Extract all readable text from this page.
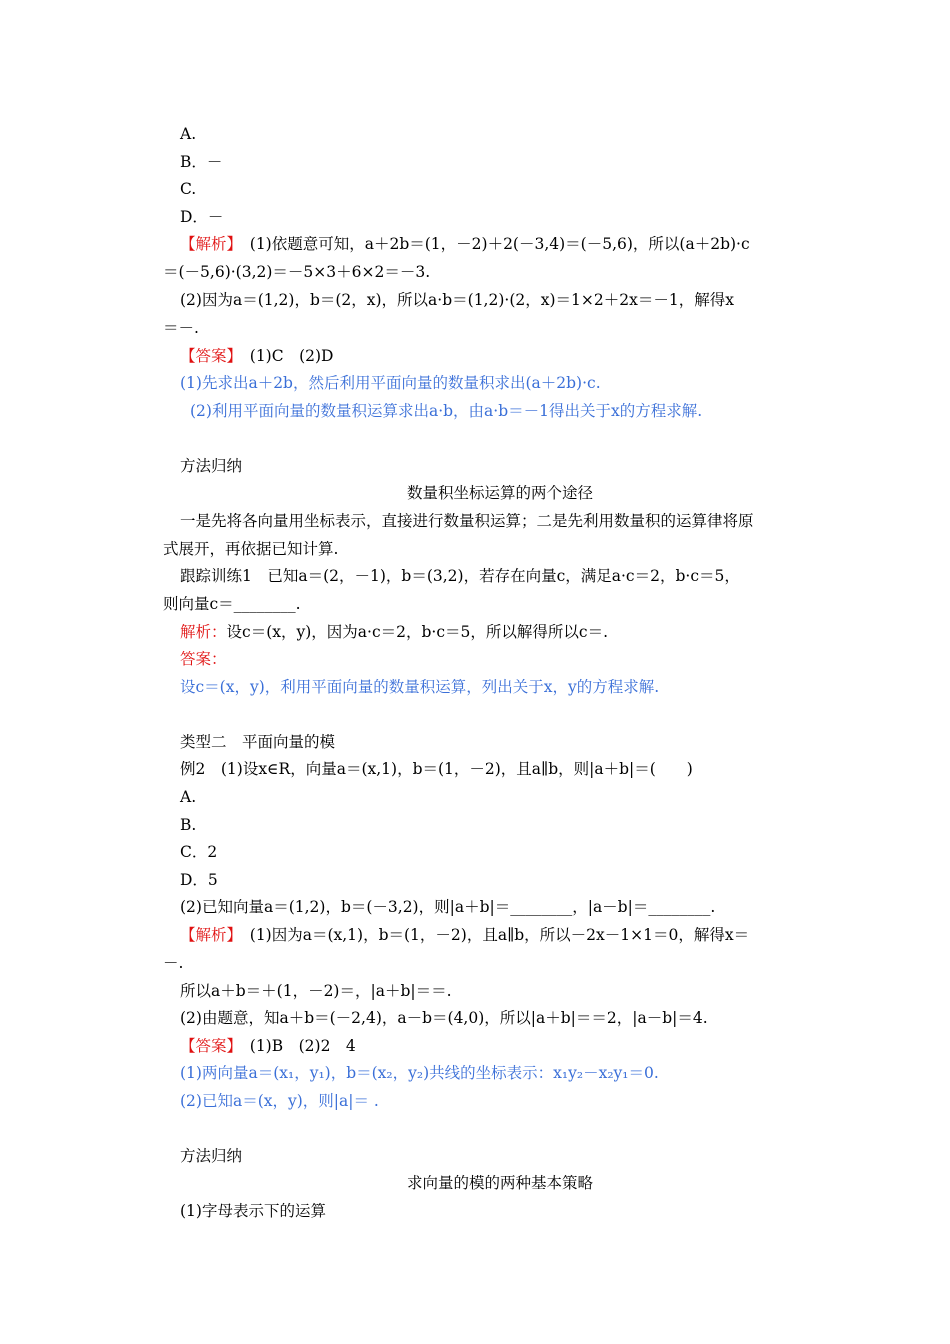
A.
B．－
C.
D．－
【解析】　(1)依题意可知，a＋2b＝(1，－2)＋2(－3,4)＝(－5,6)，所以(a＋2b)·c
＝(－5,6)·(3,2)＝－5×3＋6×2＝－3.
(2)因为a＝(1,2)，b＝(2，x)，所以a·b＝(1,2)·(2，x)＝1×2＋2x＝－1，解得x
＝－.
【答案】　(1)C　(2)D
(1)先求出a＋2b，然后利用平面向量的数量积求出(a＋2b)·c.
(2)利用平面向量的数量积运算求出a·b，由a·b＝－1得出关于x的方程求解.
方法归纳
数量积坐标运算的两个途径
一是先将各向量用坐标表示，直接进行数量积运算；二是先利用数量积的运算律将原
式展开，再依据已知计算.
跟踪训练1　已知a＝(2，－1)，b＝(3,2)，若存在向量c，满足a·c＝2，b·c＝5，
则向量c＝________.
解析：设c＝(x，y)，因为a·c＝2，b·c＝5，所以解得所以c＝.
答案：
设c＝(x，y)，利用平面向量的数量积运算，列出关于x，y的方程求解.
类型二　平面向量的模
例2　(1)设x∈R，向量a＝(x,1)，b＝(1，－2)，且a∥b，则|a＋b|＝(　　)
A.
B.
C．2
D．5
(2)已知向量a＝(1,2)，b＝(－3,2)，则|a＋b|＝________，|a－b|＝________.
【解析】　(1)因为a＝(x,1)，b＝(1，－2)，且a∥b，所以－2x－1×1＝0，解得x＝
－.
所以a＋b＝＋(1，－2)＝，|a＋b|＝＝.
(2)由题意，知a＋b＝(－2,4)，a－b＝(4,0)，所以|a＋b|＝＝2，|a－b|＝4.
【答案】　(1)B　(2)2　4
(1)两向量a＝(x₁，y₁)，b＝(x₂，y₂)共线的坐标表示：x₁y₂－x₂y₁＝0.
(2)已知a＝(x，y)，则|a|＝ .
方法归纳
求向量的模的两种基本策略
(1)字母表示下的运算
